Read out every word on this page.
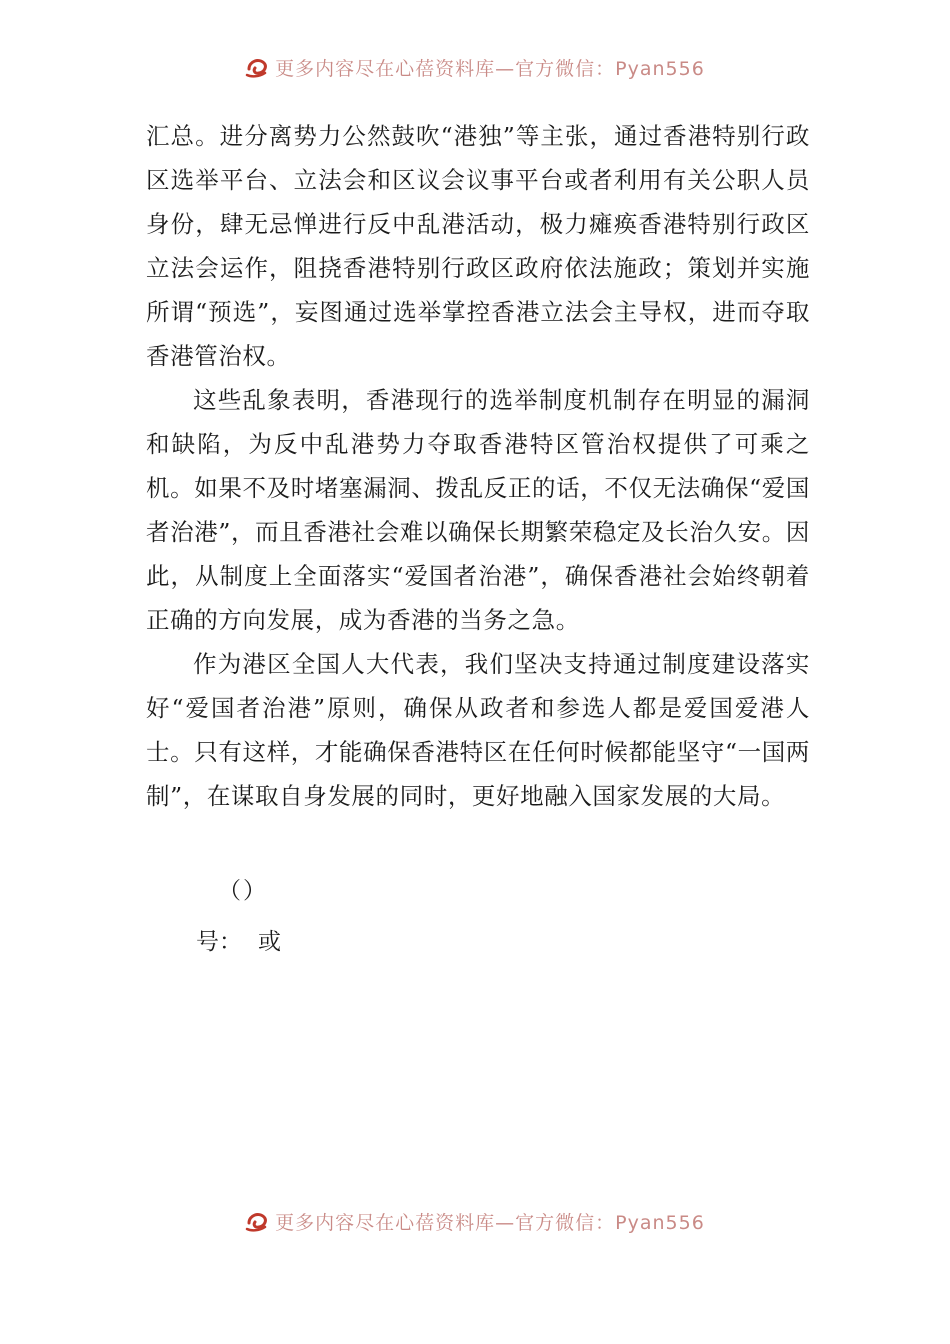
更多内容尽在心蓓资料库—官方微信：Pyan556

汇总。进分离势力公然鼓吹“港独”等主张，通过香港特别行政区选举平台、立法会和区议会议事平台或者利用有关公职人员身份，肆无忌惮进行反中乱港活动，极力瘫痪香港特别行政区立法会运作，阻挠香港特别行政区政府依法施政；策划并实施所谓“预选”，妄图通过选举掌控香港立法会主导权，进而夺取香港管治权。

这些乱象表明，香港现行的选举制度机制存在明显的漏洞和缺陷，为反中乱港势力夺取香港特区管治权提供了可乘之机。如果不及时堵塞漏洞、拨乱反正的话，不仅无法确保“爱国者治港”，而且香港社会难以确保长期繁荣稳定及长治久安。因此，从制度上全面落实“爱国者治港”，确保香港社会始终朝着正确的方向发展，成为香港的当务之急。

作为港区全国人大代表，我们坚决支持通过制度建设落实好“爱国者治港”原则，确保从政者和参选人都是爱国爱港人士。只有这样，才能确保香港特区在任何时候都能坚守“一国两制”，在谋取自身发展的同时，更好地融入国家发展的大局。

（）
号： 或
更多内容尽在心蓓资料库—官方微信：Pyan556
